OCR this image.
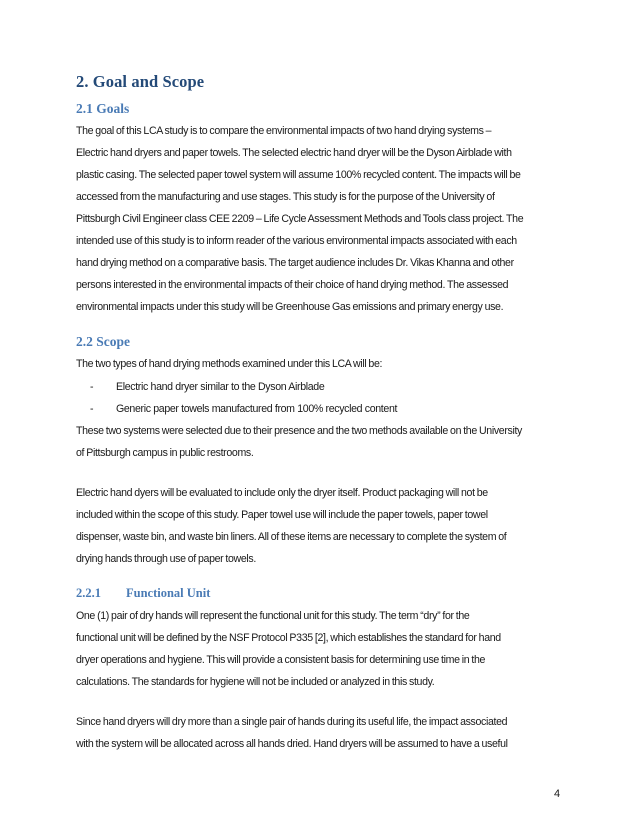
2. Goal and Scope
2.1 Goals
The goal of this LCA study is to compare the environmental impacts of two hand drying systems –
Electric hand dryers and paper towels. The selected electric hand dryer will be the Dyson Airblade with
plastic casing. The selected paper towel system will assume 100% recycled content. The impacts will be
accessed from the manufacturing and use stages. This study is for the purpose of the University of
Pittsburgh Civil Engineer class CEE 2209 – Life Cycle Assessment Methods and Tools class project. The
intended use of this study is to inform reader of the various environmental impacts associated with each
hand drying method on a comparative basis. The target audience includes Dr. Vikas Khanna and other
persons interested in the environmental impacts of their choice of hand drying method. The assessed
environmental impacts under this study will be Greenhouse Gas emissions and primary energy use.
2.2 Scope
The two types of hand drying methods examined under this LCA will be:
- Electric hand dryer similar to the Dyson Airblade
- Generic paper towels manufactured from 100% recycled content
These two systems were selected due to their presence and the two methods available on the University
of Pittsburgh campus in public restrooms.
Electric hand dyers will be evaluated to include only the dryer itself. Product packaging will not be
included within the scope of this study. Paper towel use will include the paper towels, paper towel
dispenser, waste bin, and waste bin liners. All of these items are necessary to complete the system of
drying hands through use of paper towels.
2.2.1 Functional Unit
One (1) pair of dry hands will represent the functional unit for this study. The term “dry” for the
functional unit will be defined by the NSF Protocol P335 [2], which establishes the standard for hand
dryer operations and hygiene. This will provide a consistent basis for determining use time in the
calculations. The standards for hygiene will not be included or analyzed in this study.
Since hand dryers will dry more than a single pair of hands during its useful life, the impact associated
with the system will be allocated across all hands dried. Hand dryers will be assumed to have a useful
4
